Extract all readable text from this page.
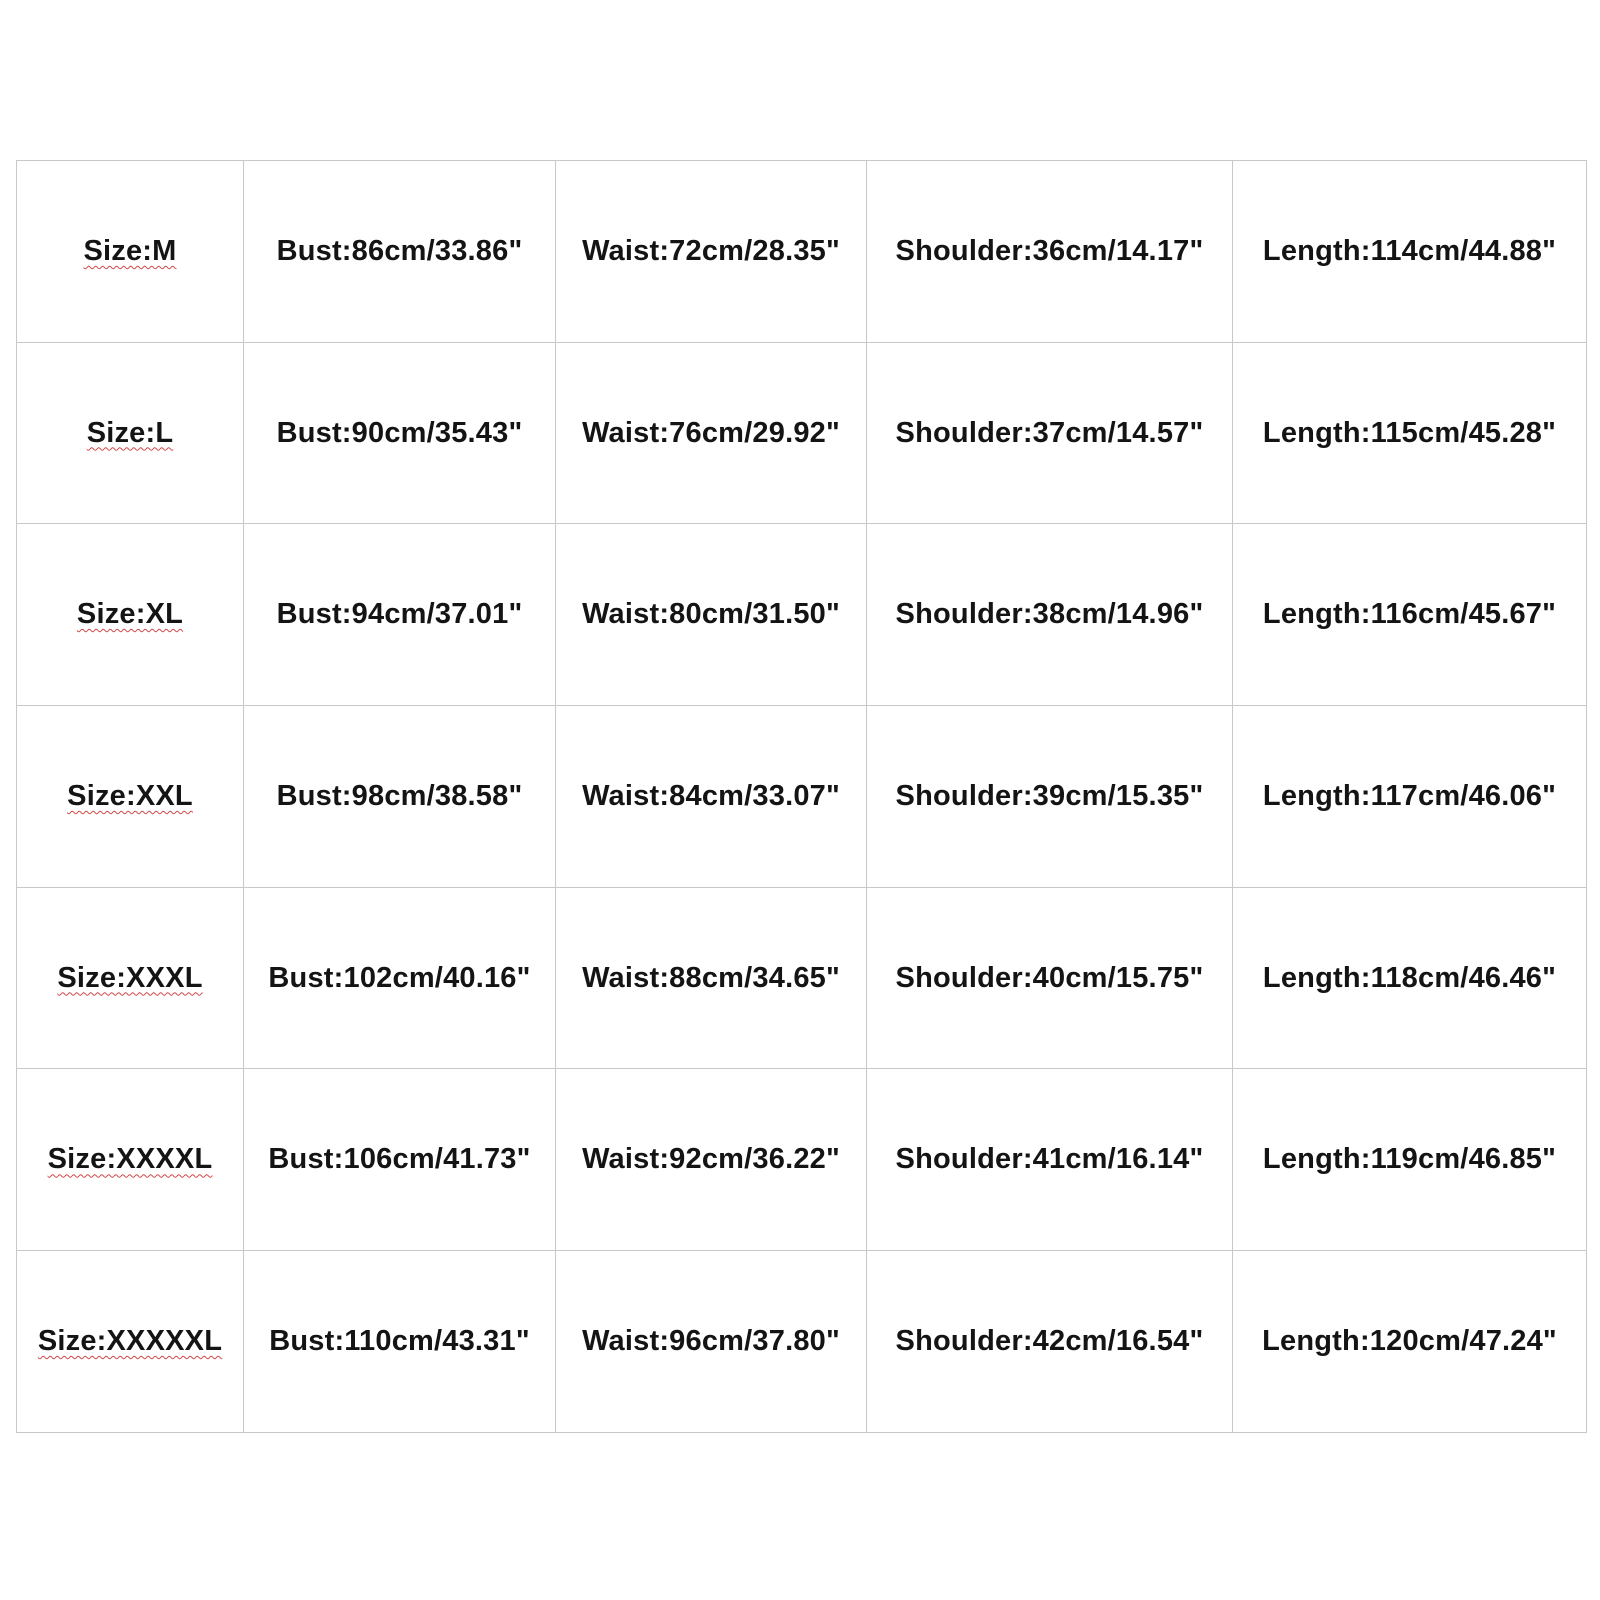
Size:M	Bust:86cm/33.86"	Waist:72cm/28.35"	Shoulder:36cm/14.17"	Length:114cm/44.88"
Size:L	Bust:90cm/35.43"	Waist:76cm/29.92"	Shoulder:37cm/14.57"	Length:115cm/45.28"
Size:XL	Bust:94cm/37.01"	Waist:80cm/31.50"	Shoulder:38cm/14.96"	Length:116cm/45.67"
Size:XXL	Bust:98cm/38.58"	Waist:84cm/33.07"	Shoulder:39cm/15.35"	Length:117cm/46.06"
Size:XXXL	Bust:102cm/40.16"	Waist:88cm/34.65"	Shoulder:40cm/15.75"	Length:118cm/46.46"
Size:XXXXL	Bust:106cm/41.73"	Waist:92cm/36.22"	Shoulder:41cm/16.14"	Length:119cm/46.85"
Size:XXXXXL	Bust:110cm/43.31"	Waist:96cm/37.80"	Shoulder:42cm/16.54"	Length:120cm/47.24"
